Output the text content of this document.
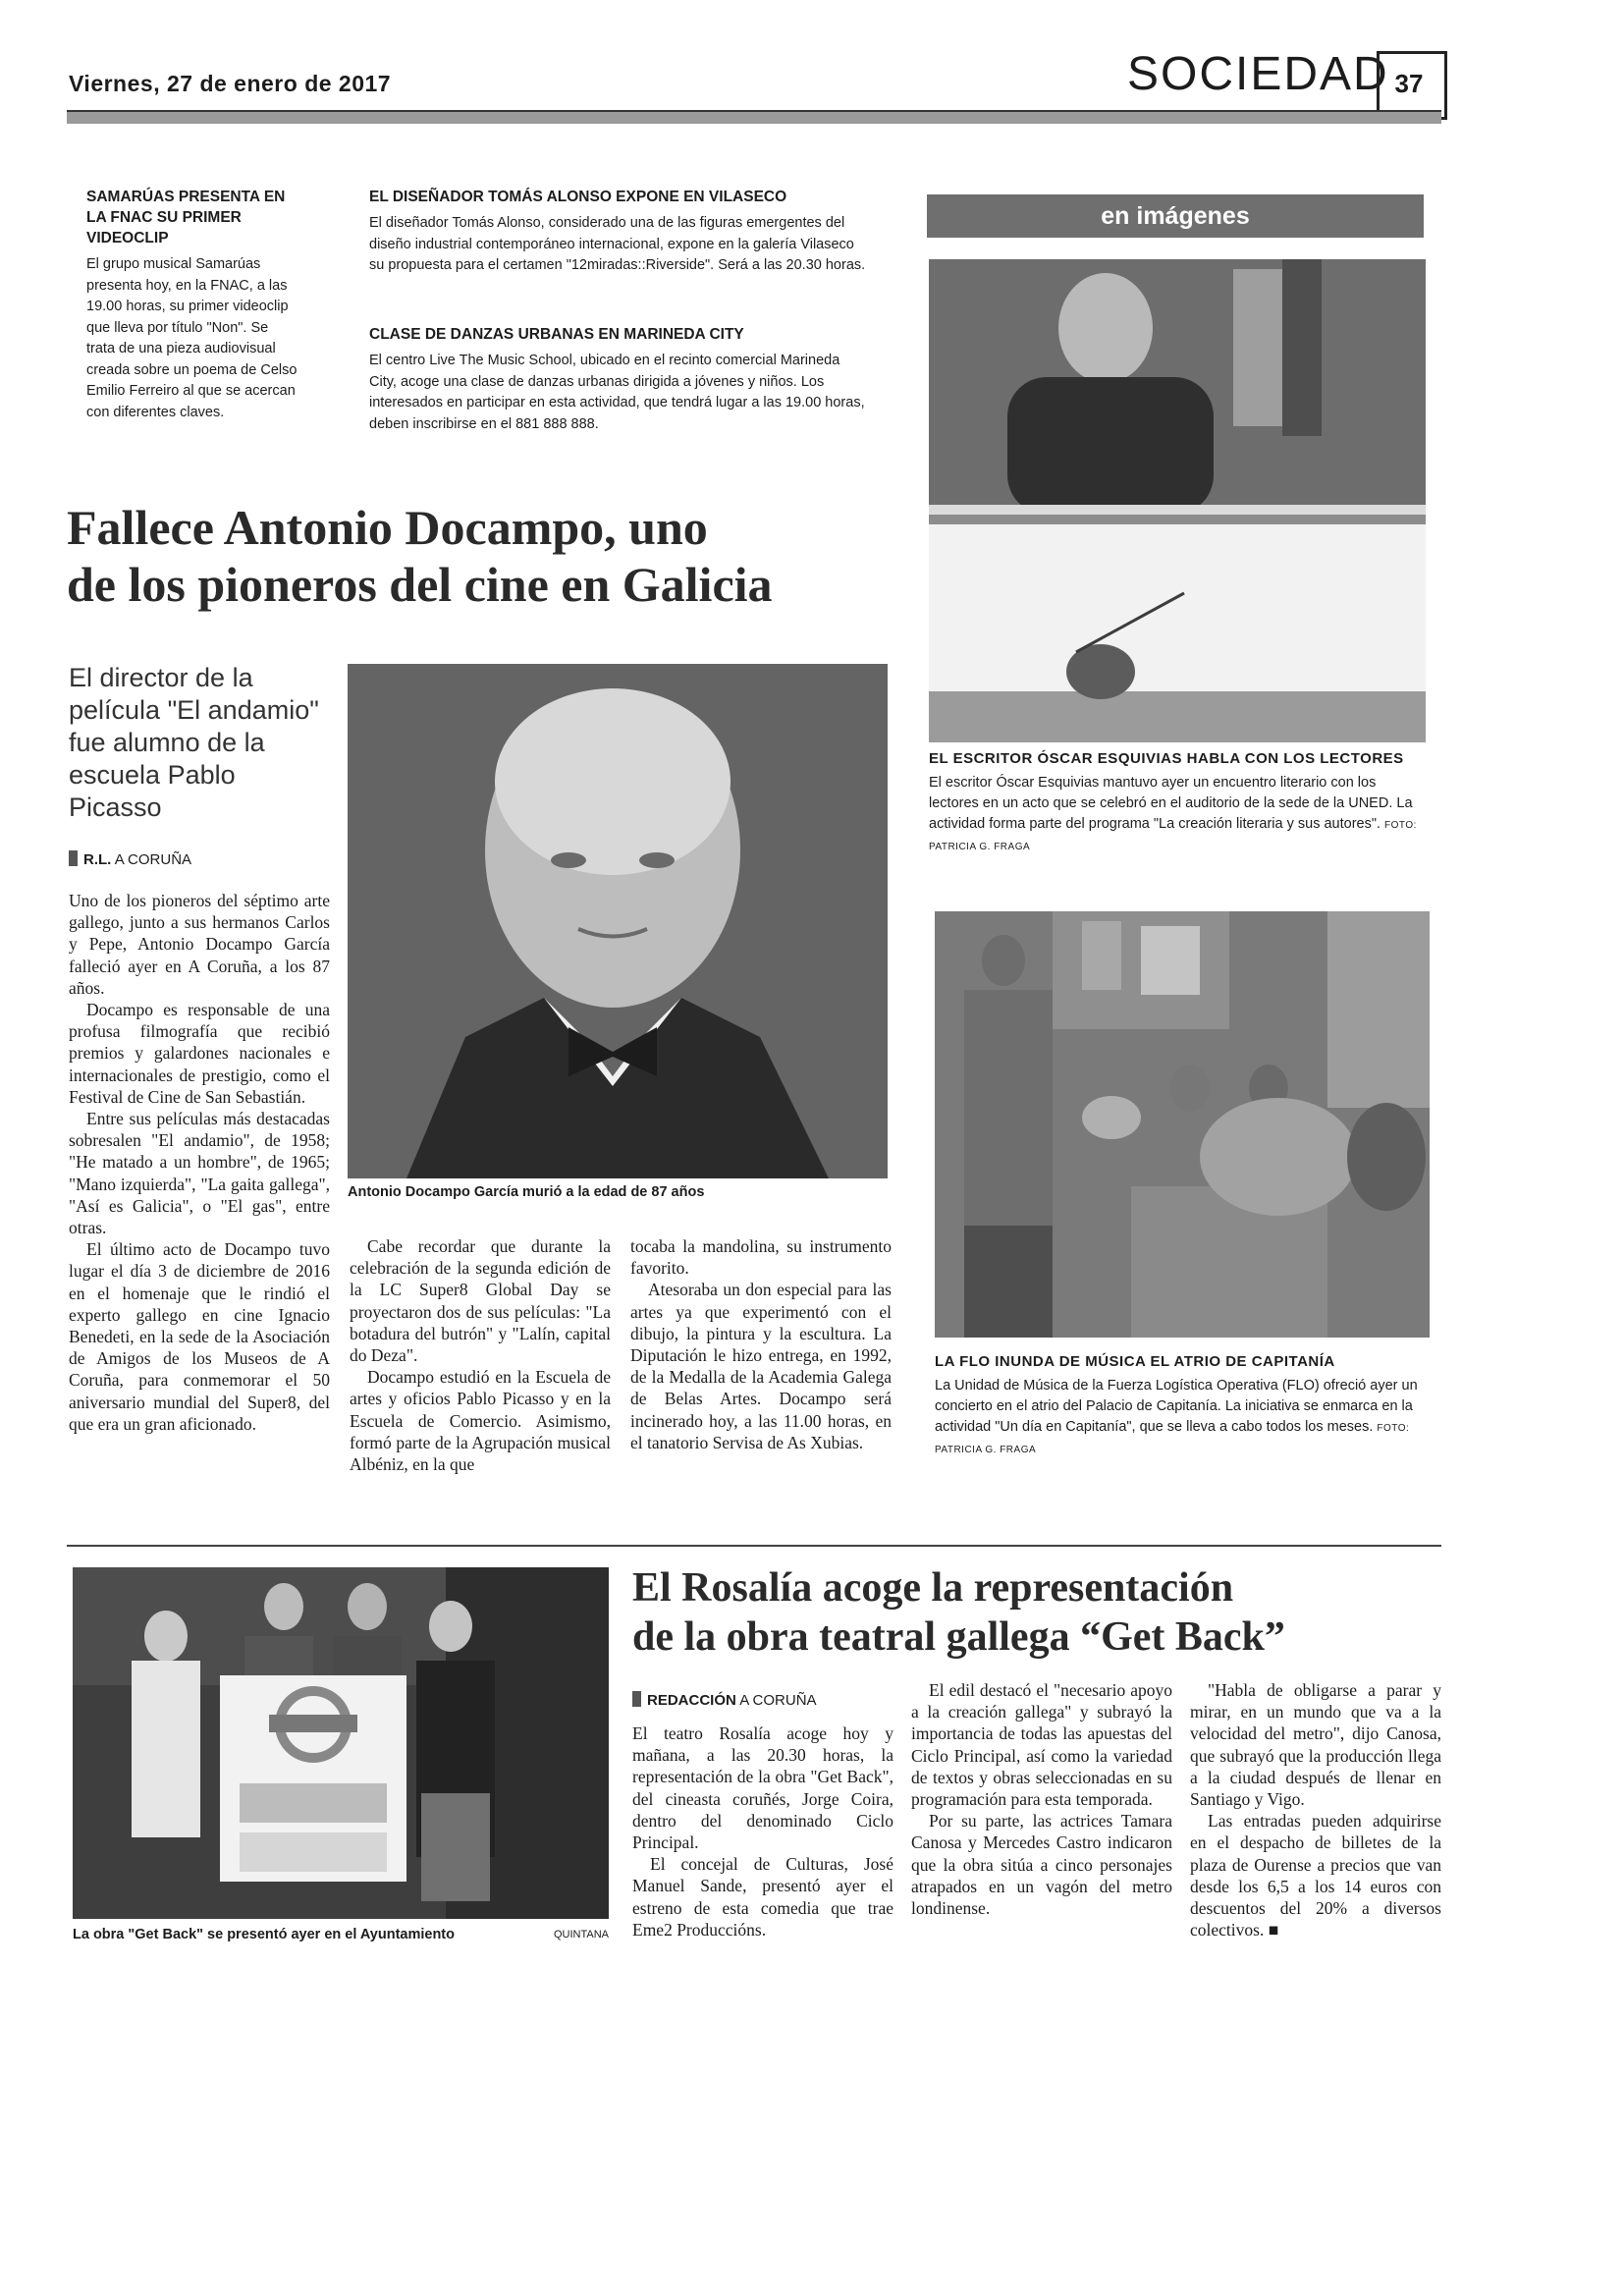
Viernes, 27 de enero de 2017	SOCIEDAD 37
SAMARÚAS PRESENTA EN LA FNAC SU PRIMER VIDEOCLIP
El grupo musical Samarúas presenta hoy, en la FNAC, a las 19.00 horas, su primer videoclip que lleva por título "Non". Se trata de una pieza audiovisual creada sobre un poema de Celso Emilio Ferreiro al que se acercan con diferentes claves.
EL DISEÑADOR TOMÁS ALONSO EXPONE EN VILASECO
El diseñador Tomás Alonso, considerado una de las figuras emergentes del diseño industrial contemporáneo internacional, expone en la galería Vilaseco su propuesta para el certamen "12miradas::Riverside". Será a las 20.30 horas.
CLASE DE DANZAS URBANAS EN MARINEDA CITY
El centro Live The Music School, ubicado en el recinto comercial Marineda City, acoge una clase de danzas urbanas dirigida a jóvenes y niños. Los interesados en participar en esta actividad, que tendrá lugar a las 19.00 horas, deben inscribirse en el 881 888 888.
en imágenes
EL ESCRITOR ÓSCAR ESQUIVIAS HABLA CON LOS LECTORES
El escritor Óscar Esquivias mantuvo ayer un encuentro literario con los lectores en un acto que se celebró en el auditorio de la sede de la UNED. La actividad forma parte del programa "La creación literaria y sus autores". FOTO: PATRICIA G. FRAGA
LA FLO INUNDA DE MÚSICA EL ATRIO DE CAPITANÍA
La Unidad de Música de la Fuerza Logística Operativa (FLO) ofreció ayer un concierto en el atrio del Palacio de Capitanía. La iniciativa se enmarca en la actividad "Un día en Capitanía", que se lleva a cabo todos los meses. FOTO: PATRICIA G. FRAGA
Fallece Antonio Docampo, uno
de los pioneros del cine en Galicia
El director de la película "El andamio" fue alumno de la escuela Pablo Picasso
R.L. A CORUÑA
Antonio Docampo García murió a la edad de 87 años

Uno de los pioneros del séptimo arte gallego, junto a sus hermanos Carlos y Pepe, Antonio Docampo García falleció ayer en A Coruña, a los 87 años.

Docampo es responsable de una profusa filmografía que recibió premios y galardones nacionales e internacionales de prestigio, como el Festival de Cine de San Sebastián.

Entre sus películas más destacadas sobresalen "El andamio", de 1958; "He matado a un hombre", de 1965; "Mano izquierda", "La gaita gallega", "Así es Galicia", o "El gas", entre otras.

El último acto de Docampo tuvo lugar el día 3 de diciembre de 2016 en el homenaje que le rindió el experto gallego en cine Ignacio Benedeti, en la sede de la Asociación de Amigos de los Museos de A Coruña, para conmemorar el 50 aniversario mundial del Super8, del que era un gran aficionado.

Cabe recordar que durante la celebración de la segunda edición de la LC Super8 Global Day se proyectaron dos de sus películas: "La botadura del butrón" y "Lalín, capital do Deza".

Docampo estudió en la Escuela de artes y oficios Pablo Picasso y en la Escuela de Comercio. Asimismo, formó parte de la Agrupación musical Albéniz, en la que

tocaba la mandolina, su instrumento favorito.

Atesoraba un don especial para las artes ya que experimentó con el dibujo, la pintura y la escultura. La Diputación le hizo entrega, en 1992, de la Medalla de la Academia Galega de Belas Artes. Docampo será incinerado hoy, a las 11.00 horas, en el tanatorio Servisa de As Xubias.

La obra "Get Back" se presentó ayer en el Ayuntamiento	QUINTANA
El Rosalía acoge la representación
de la obra teatral gallega “Get Back”
REDACCIÓN A CORUÑA

El teatro Rosalía acoge hoy y mañana, a las 20.30 horas, la representación de la obra "Get Back", del cineasta coruñés, Jorge Coira, dentro del denominado Ciclo Principal.

El concejal de Culturas, José Manuel Sande, presentó ayer el estreno de esta comedia que trae Eme2 Produccións.

El edil destacó el "necesario apoyo a la creación gallega" y subrayó la importancia de todas las apuestas del Ciclo Principal, así como la variedad de textos y obras seleccionadas en su programación para esta temporada.

Por su parte, las actrices Tamara Canosa y Mercedes Castro indicaron que la obra sitúa a cinco personajes atrapados en un vagón del metro londinense.

"Habla de obligarse a parar y mirar, en un mundo que va a la velocidad del metro", dijo Canosa, que subrayó que la producción llega a la ciudad después de llenar en Santiago y Vigo.

Las entradas pueden adquirirse en el despacho de billetes de la plaza de Ourense a precios que van desde los 6,5 a los 14 euros con descuentos del 20% a diversos colectivos. ■
